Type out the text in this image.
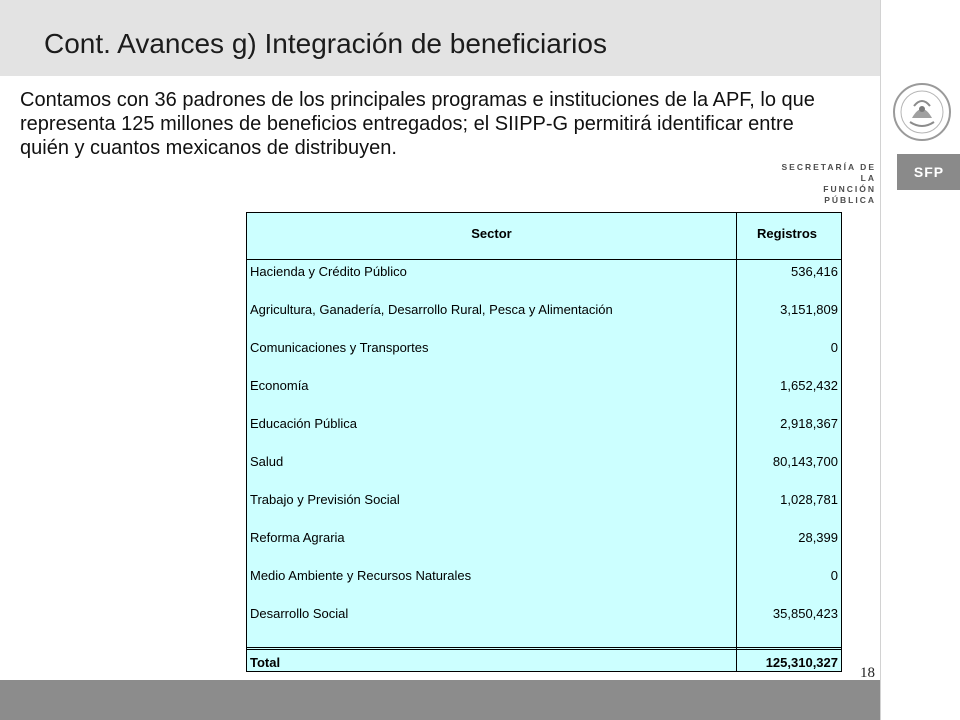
Cont. Avances g) Integración de beneficiarios
SFP
SECRETARÍA DE LA
FUNCIÓN PÚBLICA
Contamos con 36 padrones de los principales programas e instituciones de la APF, lo que representa 125 millones de beneficios entregados; el SIIPP-G permitirá identificar entre quién y cuantos mexicanos de distribuyen.
Sector	Registros
Hacienda y Crédito Público	536,416
Agricultura, Ganadería, Desarrollo Rural, Pesca y Alimentación	3,151,809
Comunicaciones y Transportes	0
Economía	1,652,432
Educación Pública	2,918,367
Salud	80,143,700
Trabajo y Previsión Social	1,028,781
Reforma Agraria	28,399
Medio Ambiente y Recursos Naturales	0
Desarrollo Social	35,850,423
Total	125,310,327
18
